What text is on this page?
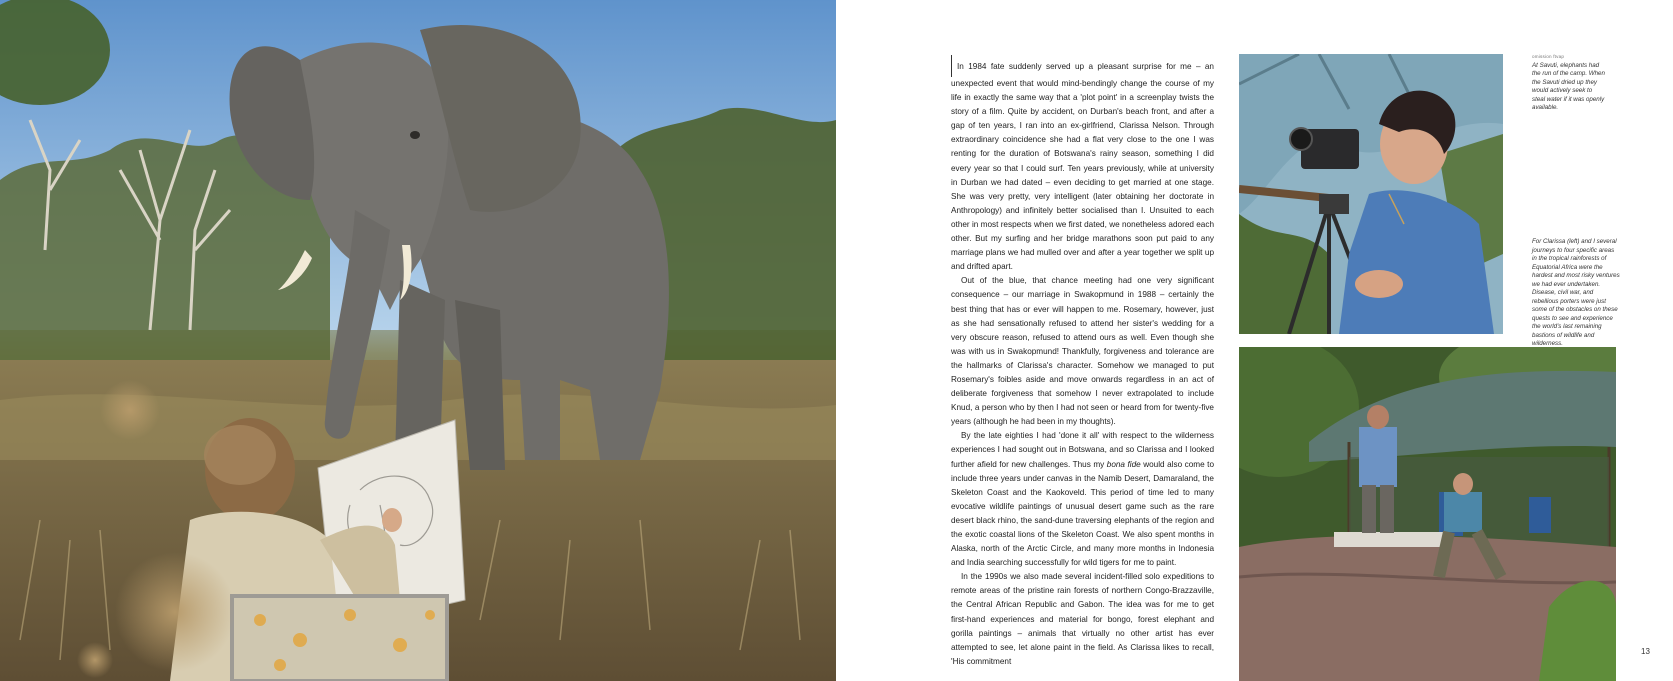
In 1984 fate suddenly served up a pleasant surprise for me – an unexpected event that would mind-bendingly change the course of my life in exactly the same way that a 'plot point' in a screenplay twists the story of a film. Quite by accident, on Durban's beach front, and after a gap of ten years, I ran into an ex-girlfriend, Clarissa Nelson. Through extraordinary coincidence she had a flat very close to the one I was renting for the duration of Botswana's rainy season, something I did every year so that I could surf. Ten years previously, while at university in Durban we had dated – even deciding to get married at one stage. She was very pretty, very intelligent (later obtaining her doctorate in Anthropology) and infinitely better socialised than I. Unsuited to each other in most respects when we first dated, we nonetheless adored each other. But my surfing and her bridge marathons soon put paid to any marriage plans we had mulled over and after a year together we split up and drifted apart.

Out of the blue, that chance meeting had one very significant consequence – our marriage in Swakopmund in 1988 – certainly the best thing that has or ever will happen to me. Rosemary, however, just as she had sensationally refused to attend her sister's wedding for a very obscure reason, refused to attend ours as well. Even though she was with us in Swakopmund! Thankfully, forgiveness and tolerance are the hallmarks of Clarissa's character. Somehow we managed to put Rosemary's foibles aside and move onwards regardless in an act of deliberate forgiveness that somehow I never extrapolated to include Knud, a person who by then I had not seen or heard from for twenty-five years (although he had been in my thoughts).

By the late eighties I had 'done it all' with respect to the wilderness experiences I had sought out in Botswana, and so Clarissa and I looked further afield for new challenges. Thus my bona fide would also come to include three years under canvas in the Namib Desert, Damaraland, the Skeleton Coast and the Kaokoveld. This period of time led to many evocative wildlife paintings of unusual desert game such as the rare desert black rhino, the sand-dune traversing elephants of the region and the exotic coastal lions of the Skeleton Coast. We also spent months in Alaska, north of the Arctic Circle, and many more months in Indonesia and India searching successfully for wild tigers for me to paint.

In the 1990s we also made several incident-filled solo expeditions to remote areas of the pristine rain forests of northern Congo-Brazzaville, the Central African Republic and Gabon. The idea was for me to get first-hand experiences and material for bongo, forest elephant and gorilla paintings – animals that virtually no other artist has ever attempted to see, let alone paint in the field. As Clarissa likes to recall, 'His commitment

omission ftvap
At Savuti, elephants had the run of the camp. When the Savuti dried up they would actively seek to steal water if it was openly available.
For Clarissa (left) and I several journeys to four specific areas in the tropical rainforests of Equatorial Africa were the hardest and most risky ventures we had ever undertaken. Disease, civil war, and rebellious porters were just some of the obstacles on these quests to see and experience the world's last remaining bastions of wildlife and wilderness.
13
